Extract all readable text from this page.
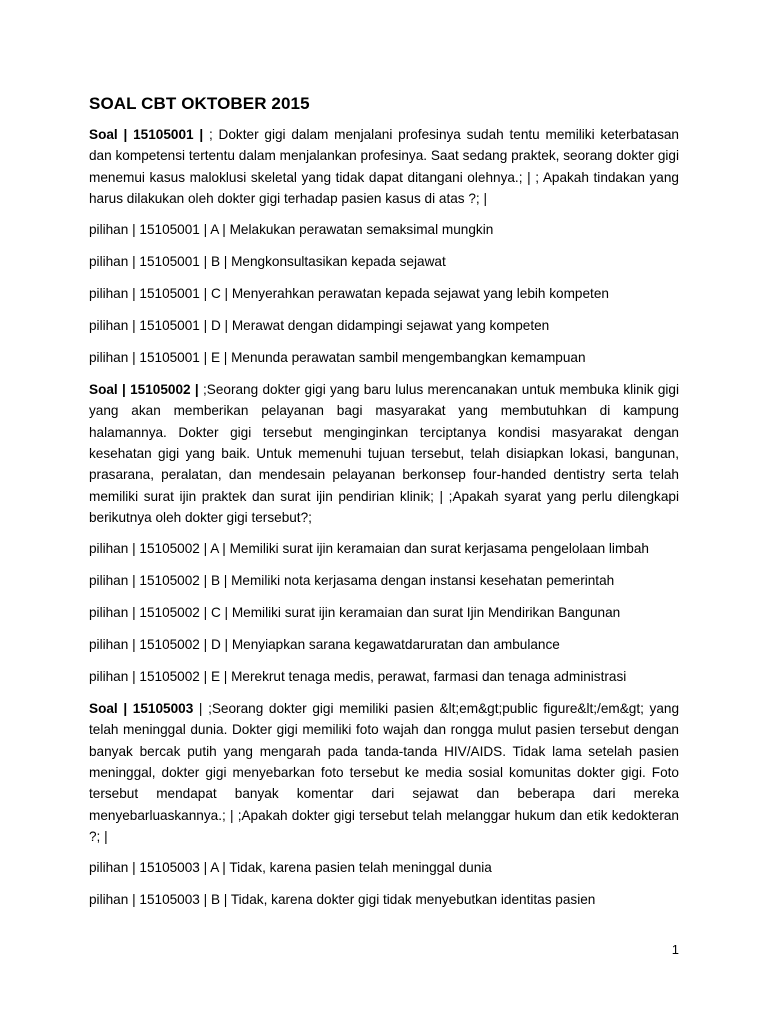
SOAL CBT OKTOBER 2015
Soal | 15105001 | ; Dokter gigi dalam menjalani profesinya sudah tentu memiliki keterbatasan dan kompetensi tertentu dalam menjalankan profesinya. Saat sedang praktek, seorang dokter gigi menemui kasus maloklusi skeletal yang tidak dapat ditangani olehnya.; | ; Apakah tindakan yang harus dilakukan oleh dokter gigi terhadap pasien kasus di atas ?; |
pilihan | 15105001 | A | Melakukan perawatan semaksimal mungkin
pilihan | 15105001 | B | Mengkonsultasikan kepada sejawat
pilihan | 15105001 | C | Menyerahkan perawatan kepada sejawat yang lebih kompeten
pilihan | 15105001 | D | Merawat dengan didampingi sejawat yang kompeten
pilihan | 15105001 | E | Menunda perawatan sambil mengembangkan kemampuan
Soal | 15105002 | ;Seorang dokter gigi yang baru lulus merencanakan untuk membuka klinik gigi yang akan memberikan pelayanan bagi masyarakat yang membutuhkan di kampung halamannya. Dokter gigi tersebut menginginkan terciptanya kondisi masyarakat dengan kesehatan gigi yang baik. Untuk memenuhi tujuan tersebut, telah disiapkan lokasi, bangunan, prasarana, peralatan, dan mendesain pelayanan berkonsep four-handed dentistry serta telah memiliki surat ijin praktek dan surat ijin pendirian klinik; | ;Apakah syarat yang perlu dilengkapi berikutnya oleh dokter gigi tersebut?;
pilihan | 15105002 | A | Memiliki surat ijin keramaian dan surat kerjasama pengelolaan limbah
pilihan | 15105002 | B | Memiliki nota kerjasama dengan instansi kesehatan pemerintah
pilihan | 15105002 | C | Memiliki surat ijin keramaian dan surat Ijin Mendirikan Bangunan
pilihan | 15105002 | D | Menyiapkan sarana kegawatdaruratan dan ambulance
pilihan | 15105002 | E | Merekrut tenaga medis, perawat, farmasi dan tenaga administrasi
Soal | 15105003 | ;Seorang dokter gigi memiliki pasien &lt;em&gt;public figure&lt;/em&gt; yang telah meninggal dunia. Dokter gigi memiliki foto wajah dan rongga mulut pasien tersebut dengan banyak bercak putih yang mengarah pada tanda-tanda HIV/AIDS. Tidak lama setelah pasien meninggal, dokter gigi menyebarkan foto tersebut ke media sosial komunitas dokter gigi. Foto tersebut mendapat banyak komentar dari sejawat dan beberapa dari mereka menyebarluaskannya.; | ;Apakah dokter gigi tersebut telah melanggar hukum dan etik kedokteran ?; |
pilihan | 15105003 | A | Tidak, karena pasien telah meninggal dunia
pilihan | 15105003 | B | Tidak, karena dokter gigi tidak menyebutkan identitas pasien
1
